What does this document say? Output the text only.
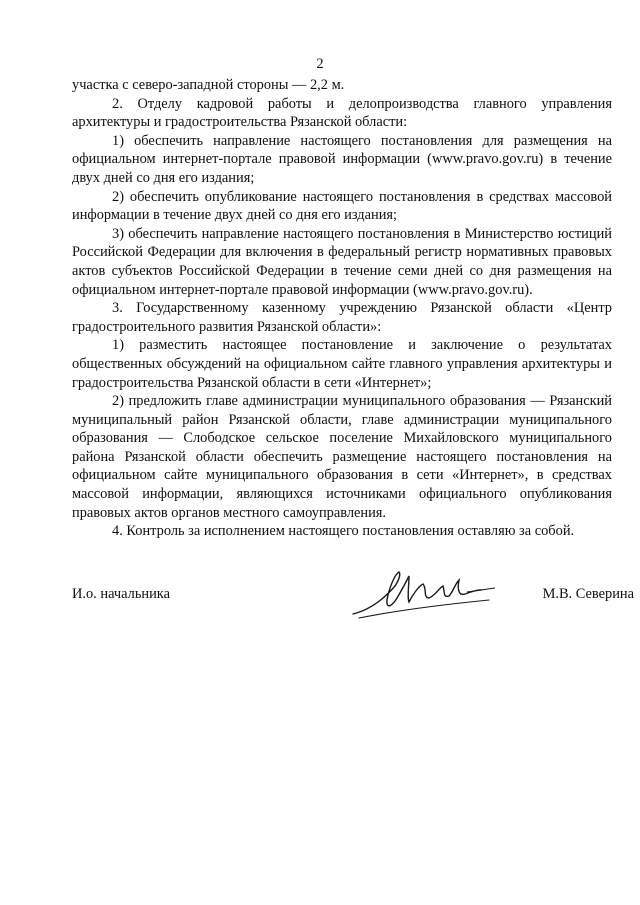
2

участка с северо-западной стороны — 2,2 м.

2. Отделу кадровой работы и делопроизводства главного управления архитектуры и градостроительства Рязанской области:

1) обеспечить направление настоящего постановления для размещения на официальном интернет-портале правовой информации (www.pravo.gov.ru) в течение двух дней со дня его издания;

2) обеспечить опубликование настоящего постановления в средствах массовой информации в течение двух дней со дня его издания;

3) обеспечить направление настоящего постановления в Министерство юстиций Российской Федерации для включения в федеральный регистр нормативных правовых актов субъектов Российской Федерации в течение семи дней со дня размещения на официальном интернет-портале правовой информации (www.pravo.gov.ru).

3. Государственному казенному учреждению Рязанской области «Центр градостроительного развития Рязанской области»:

1) разместить настоящее постановление и заключение о результатах общественных обсуждений на официальном сайте главного управления архитектуры и градостроительства Рязанской области в сети «Интернет»;

2) предложить главе администрации муниципального образования — Рязанский муниципальный район Рязанской области, главе администрации муниципального образования — Слободское сельское поселение Михайловского муниципального района Рязанской области обеспечить размещение настоящего постановления на официальном сайте муниципального образования в сети «Интернет», в средствах массовой информации, являющихся источниками официального опубликования правовых актов органов местного самоуправления.

4. Контроль за исполнением настоящего постановления оставляю за собой.

И.о. начальника	М.В. Северина
